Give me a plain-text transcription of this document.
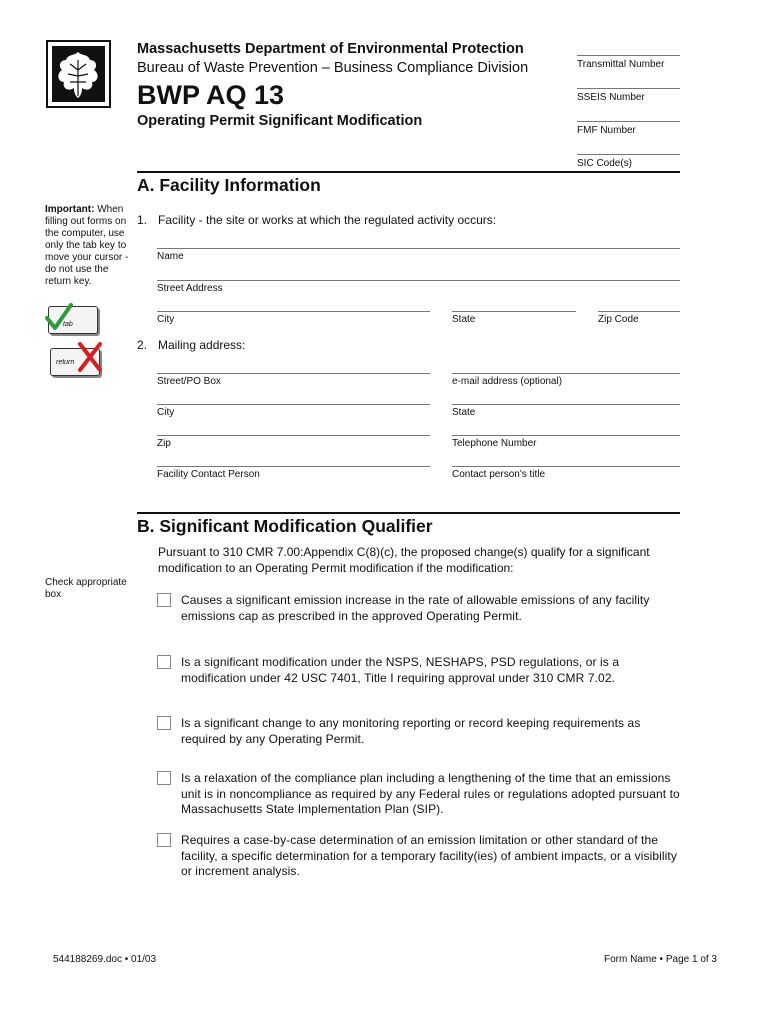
Massachusetts Department of Environmental Protection
Bureau of Waste Prevention – Business Compliance Division
BWP AQ 13
Operating Permit Significant Modification
Transmittal Number
SSEIS Number
FMF Number
SIC Code(s)
A. Facility Information
Important: When filling out forms on the computer, use only the tab key to move your cursor - do not use the return key.
tab
return
1. Facility - the site or works at which the regulated activity occurs:
Name
Street Address
City	State	Zip Code
2. Mailing address:
Street/PO Box	e-mail address (optional)
City	State
Zip	Telephone Number
Facility Contact Person	Contact person's title
B. Significant Modification Qualifier
Pursuant to 310 CMR 7.00:Appendix C(8)(c), the proposed change(s) qualify for a significant modification to an Operating Permit modification if the modification:
Check appropriate box	Causes a significant emission increase in the rate of allowable emissions of any facility emissions cap as prescribed in the approved Operating Permit.
Is a significant modification under the NSPS, NESHAPS, PSD regulations, or is a modification under 42 USC 7401, Title I requiring approval under 310 CMR 7.02.
Is a significant change to any monitoring reporting or record keeping requirements as required by any Operating Permit.
Is a relaxation of the compliance plan including a lengthening of the time that an emissions unit is in noncompliance as required by any Federal rules or regulations adopted pursuant to Massachusetts State Implementation Plan (SIP).
Requires a case-by-case determination of an emission limitation or other standard of the facility, a specific determination for a temporary facility(ies) of ambient impacts, or a visibility or increment analysis.
544188269.doc • 01/03	Form Name • Page 1 of 3
